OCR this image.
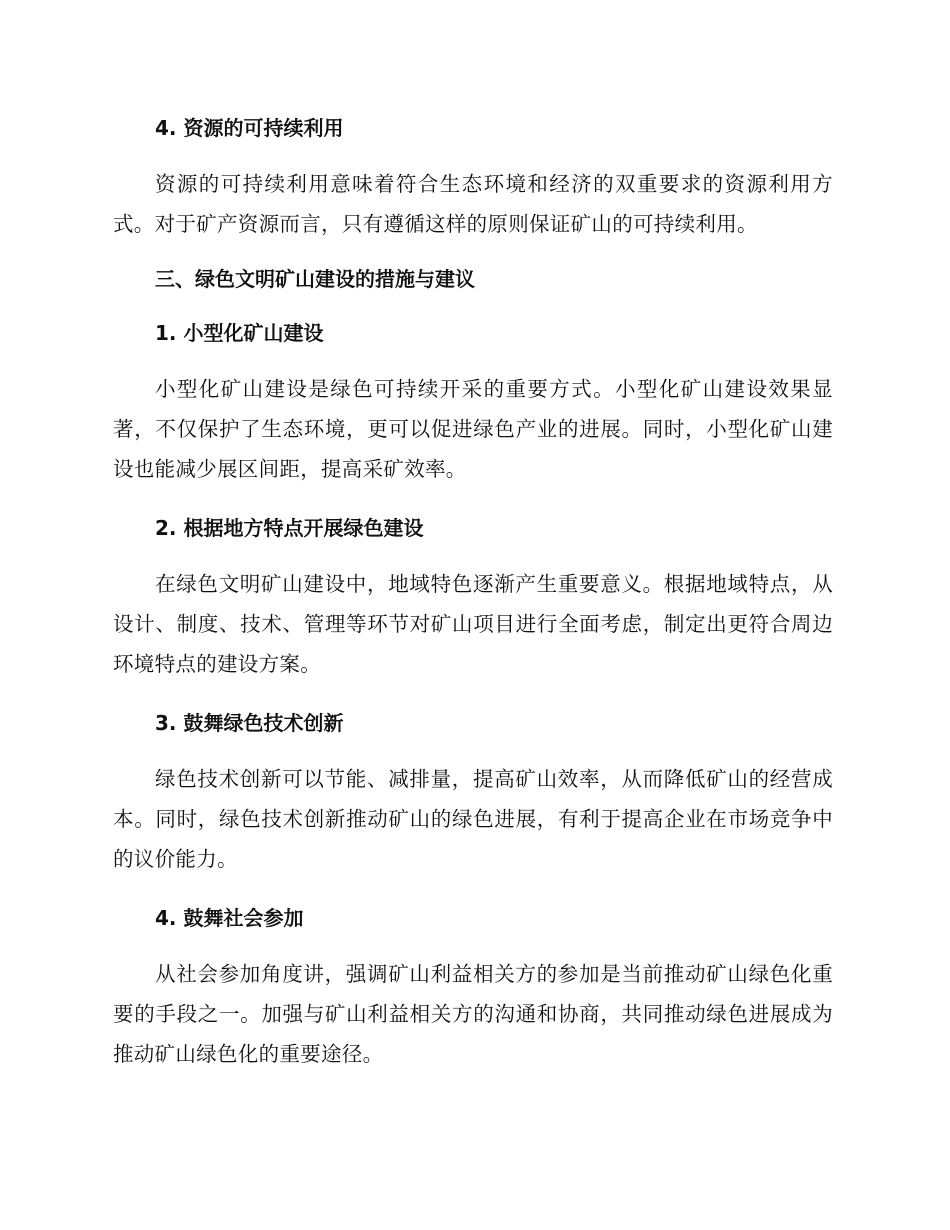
4. 资源的可持续利用

资源的可持续利用意味着符合生态环境和经济的双重要求的资源利用方式。对于矿产资源而言，只有遵循这样的原则保证矿山的可持续利用。

三、绿色文明矿山建设的措施与建议
1. 小型化矿山建设

小型化矿山建设是绿色可持续开采的重要方式。小型化矿山建设效果显著，不仅保护了生态环境，更可以促进绿色产业的进展。同时，小型化矿山建设也能减少展区间距，提高采矿效率。

2. 根据地方特点开展绿色建设

在绿色文明矿山建设中，地域特色逐渐产生重要意义。根据地域特点，从设计、制度、技术、管理等环节对矿山项目进行全面考虑，制定出更符合周边环境特点的建设方案。

3. 鼓舞绿色技术创新

绿色技术创新可以节能、减排量，提高矿山效率，从而降低矿山的经营成本。同时，绿色技术创新推动矿山的绿色进展，有利于提高企业在市场竞争中的议价能力。

4. 鼓舞社会参加

从社会参加角度讲，强调矿山利益相关方的参加是当前推动矿山绿色化重要的手段之一。加强与矿山利益相关方的沟通和协商，共同推动绿色进展成为推动矿山绿色化的重要途径。
